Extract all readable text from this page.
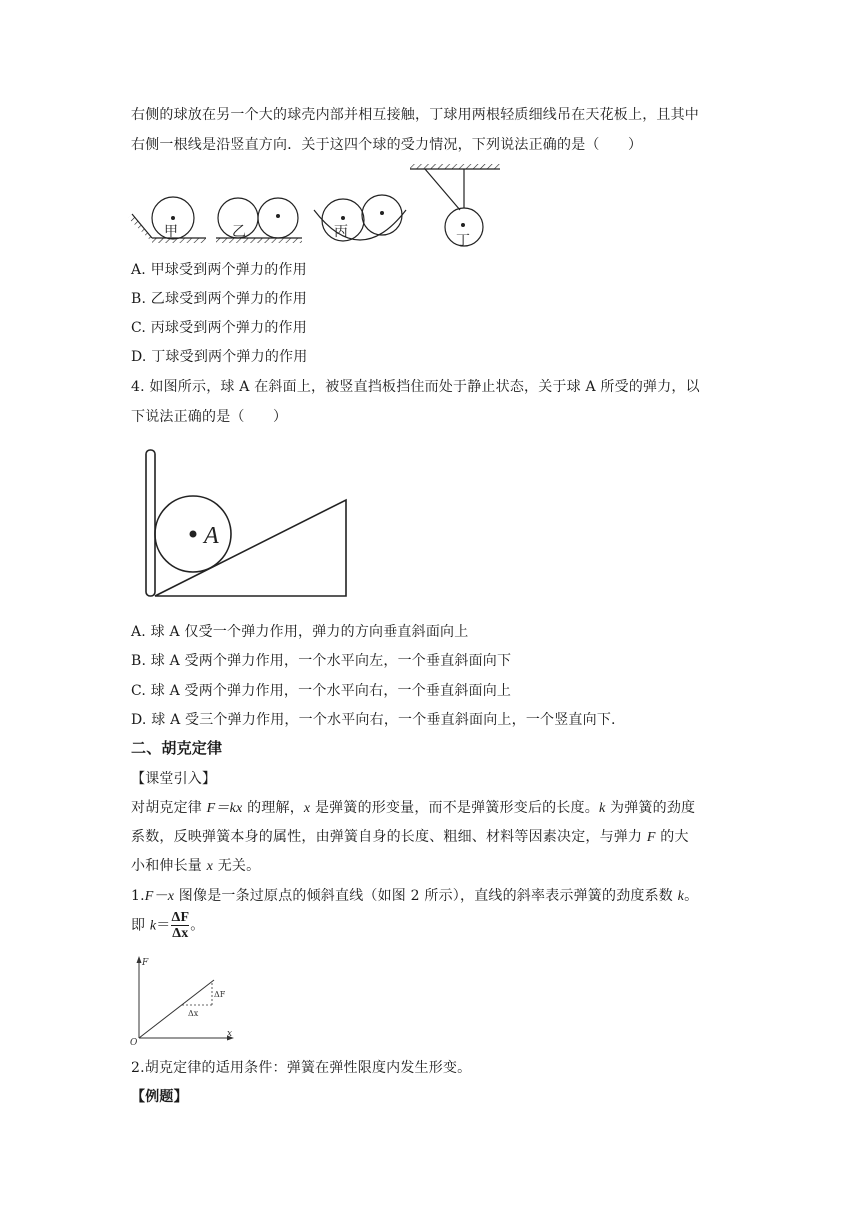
右侧的球放在另一个大的球壳内部并相互接触，丁球用两根轻质细线吊在天花板上，且其中
右侧一根线是沿竖直方向．关于这四个球的受力情况，下列说法正确的是（　　）
甲	乙	丙
丁
A. 甲球受到两个弹力的作用
B. 乙球受到两个弹力的作用
C. 丙球受到两个弹力的作用
D. 丁球受到两个弹力的作用
4. 如图所示，球 A 在斜面上，被竖直挡板挡住而处于静止状态，关于球 A 所受的弹力，以
下说法正确的是（　　）
A
A. 球 A 仅受一个弹力作用，弹力的方向垂直斜面向上
B. 球 A 受两个弹力作用，一个水平向左，一个垂直斜面向下
C. 球 A 受两个弹力作用，一个水平向右，一个垂直斜面向上
D. 球 A 受三个弹力作用，一个水平向右，一个垂直斜面向上，一个竖直向下.
二、胡克定律
【课堂引入】
对胡克定律 F＝kx 的理解，x 是弹簧的形变量，而不是弹簧形变后的长度。k 为弹簧的劲度
系数，反映弹簧本身的属性，由弹簧自身的长度、粗细、材料等因素决定，与弹力 F 的大
小和伸长量 x 无关。
1.F－x 图像是一条过原点的倾斜直线（如图 2 所示），直线的斜率表示弹簧的劲度系数 k。
即 $k= \frac{\Delta F}{\Delta x}$ 。
F
x
O
ΔF
Δx
2.胡克定律的适用条件：弹簧在弹性限度内发生形变。
【例题】
